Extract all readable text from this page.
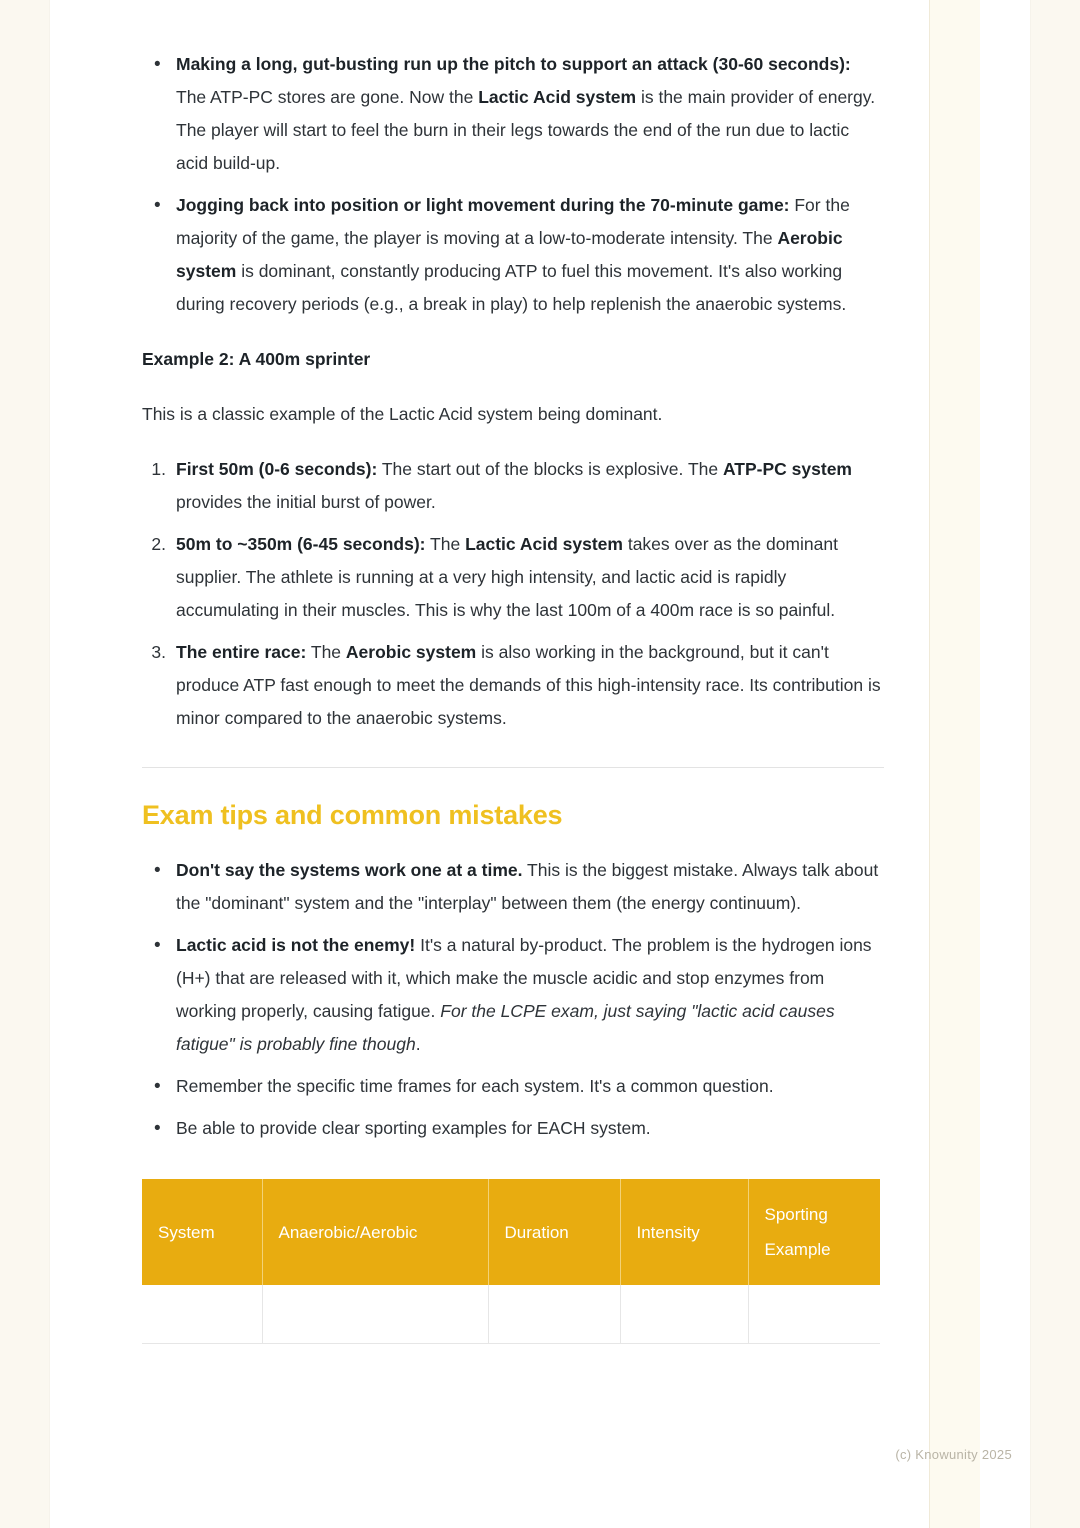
• Making a long, gut-busting run up the pitch to support an attack (30-60 seconds): The ATP-PC stores are gone. Now the Lactic Acid system is the main provider of energy. The player will start to feel the burn in their legs towards the end of the run due to lactic acid build-up.
• Jogging back into position or light movement during the 70-minute game: For the majority of the game, the player is moving at a low-to-moderate intensity. The Aerobic system is dominant, constantly producing ATP to fuel this movement. It's also working during recovery periods (e.g., a break in play) to help replenish the anaerobic systems.

Example 2: A 400m sprinter

This is a classic example of the Lactic Acid system being dominant.

First 50m (0-6 seconds): The start out of the blocks is explosive. The ATP-PC system provides the initial burst of power.
50m to ~350m (6-45 seconds): The Lactic Acid system takes over as the dominant supplier. The athlete is running at a very high intensity, and lactic acid is rapidly accumulating in their muscles. This is why the last 100m of a 400m race is so painful.
The entire race: The Aerobic system is also working in the background, but it can't produce ATP fast enough to meet the demands of this high-intensity race. Its contribution is minor compared to the anaerobic systems.
Exam tips and common mistakes
• Don't say the systems work one at a time. This is the biggest mistake. Always talk about the "dominant" system and the "interplay" between them (the energy continuum).
• Lactic acid is not the enemy! It's a natural by-product. The problem is the hydrogen ions (H+) that are released with it, which make the muscle acidic and stop enzymes from working properly, causing fatigue. For the LCPE exam, just saying "lactic acid causes fatigue" is probably fine though.
• Remember the specific time frames for each system. It's a common question.
• Be able to provide clear sporting examples for EACH system.
System	Anaerobic/Aerobic	Duration	Intensity	Sporting Example

(c) Knowunity 2025
